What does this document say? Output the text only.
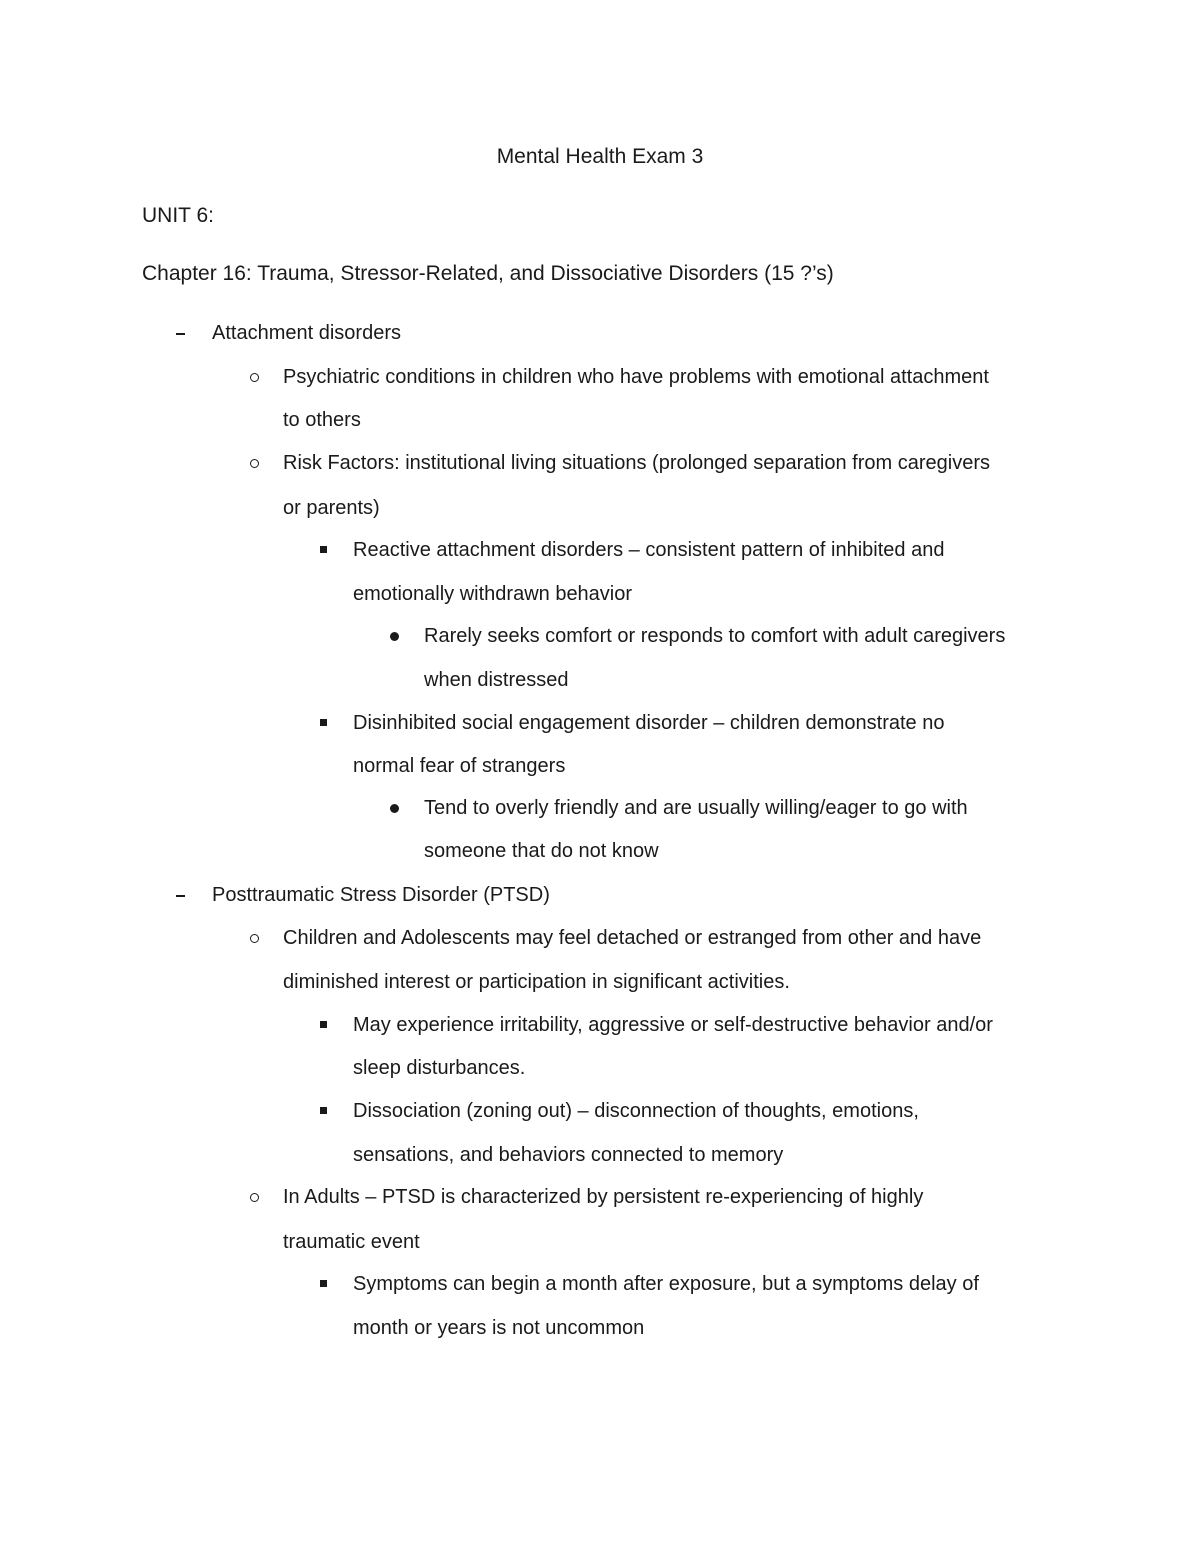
Mental Health Exam 3
UNIT 6:
Chapter 16: Trauma, Stressor-Related, and Dissociative Disorders (15 ?’s)
Attachment disorders
Psychiatric conditions in children who have problems with emotional attachment
to others
Risk Factors: institutional living situations (prolonged separation from caregivers
or parents)
Reactive attachment disorders – consistent pattern of inhibited and
emotionally withdrawn behavior
Rarely seeks comfort or responds to comfort with adult caregivers
when distressed
Disinhibited social engagement disorder – children demonstrate no
normal fear of strangers
Tend to overly friendly and are usually willing/eager to go with
someone that do not know
Posttraumatic Stress Disorder (PTSD)
Children and Adolescents may feel detached or estranged from other and have
diminished interest or participation in significant activities.
May experience irritability, aggressive or self-destructive behavior and/or
sleep disturbances.
Dissociation (zoning out) – disconnection of thoughts, emotions,
sensations, and behaviors connected to memory
In Adults – PTSD is characterized by persistent re-experiencing of highly
traumatic event
Symptoms can begin a month after exposure, but a symptoms delay of
month or years is not uncommon
